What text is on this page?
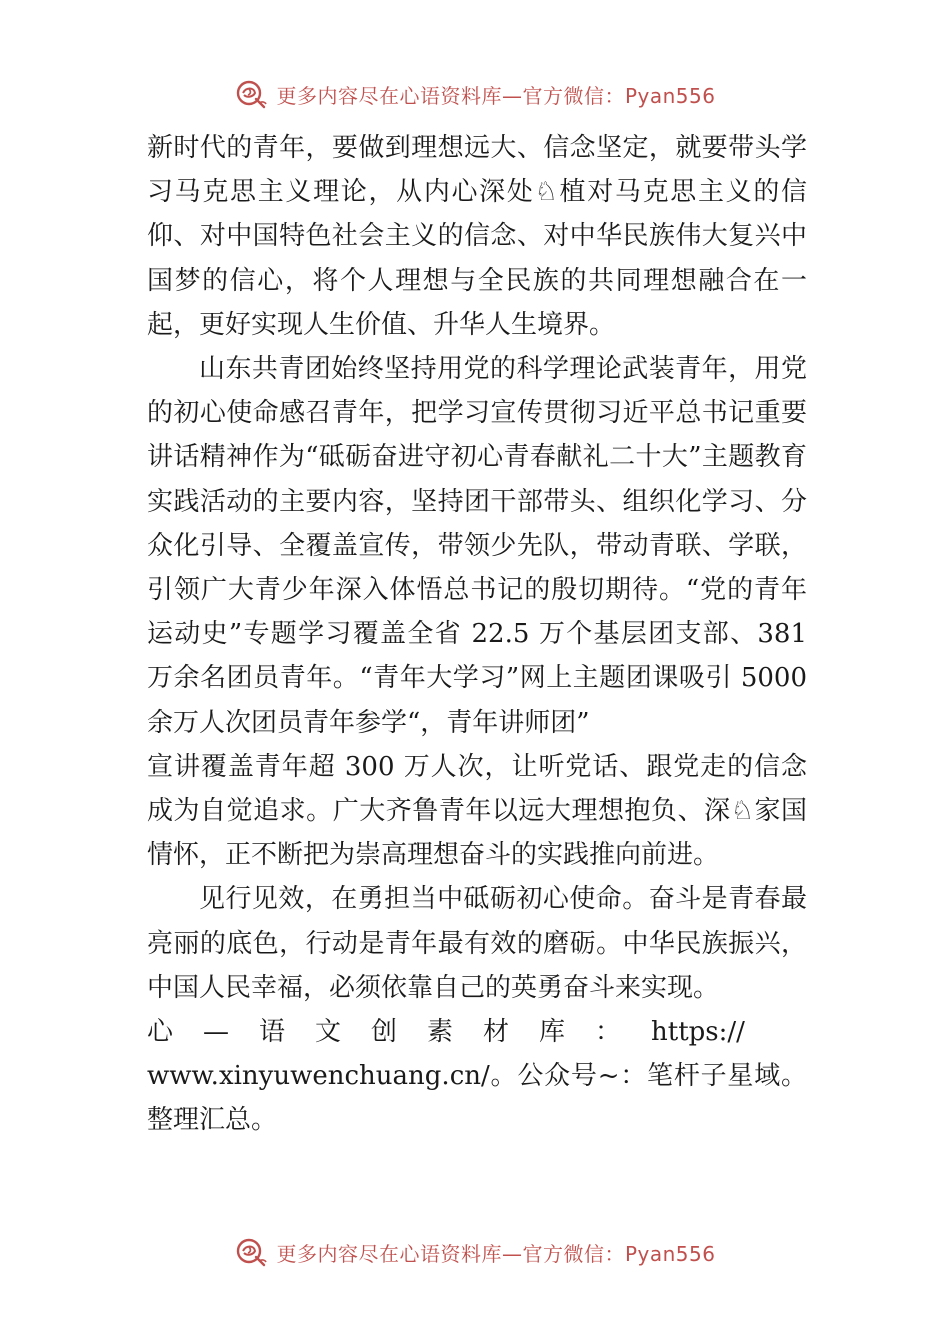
更多内容尽在心语资料库—官方微信：Pyan556

新时代的青年，要做到理想远大、信念坚定，就要带头学习马克思主义理论，从内心深处♘植对马克思主义的信仰、对中国特色社会主义的信念、对中华民族伟大复兴中国梦的信心，将个人理想与全民族的共同理想融合在一起，更好实现人生价值、升华人生境界。

山东共青团始终坚持用党的科学理论武装青年，用党的初心使命感召青年，把学习宣传贯彻习近平总书记重要讲话精神作为“砥砺奋进守初心青春献礼二十大”主题教育实践活动的主要内容，坚持团干部带头、组织化学习、分众化引导、全覆盖宣传，带领少先队，带动青联、学联，引领广大青少年深入体悟总书记的殷切期待。“党的青年运动史”专题学习覆盖全省 22.5 万个基层团支部、381 万余名团员青年。“青年大学习”网上主题团课吸引 5000 余万人次团员青年参学“，青年讲师团”

宣讲覆盖青年超 300 万人次，让听党话、跟党走的信念成为自觉追求。广大齐鲁青年以远大理想抱负、深♘家国情怀，正不断把为崇高理想奋斗的实践推向前进。

见行见效，在勇担当中砥砺初心使命。奋斗是青春最亮丽的底色，行动是青年最有效的磨砺。中华民族振兴，中国人民幸福，必须依靠自己的英勇奋斗来实现。

心—语文创素材库：https://

www.xinyuwenchuang.cn/。公众号~：笔杆子星域。整理汇总。

更多内容尽在心语资料库—官方微信：Pyan556
